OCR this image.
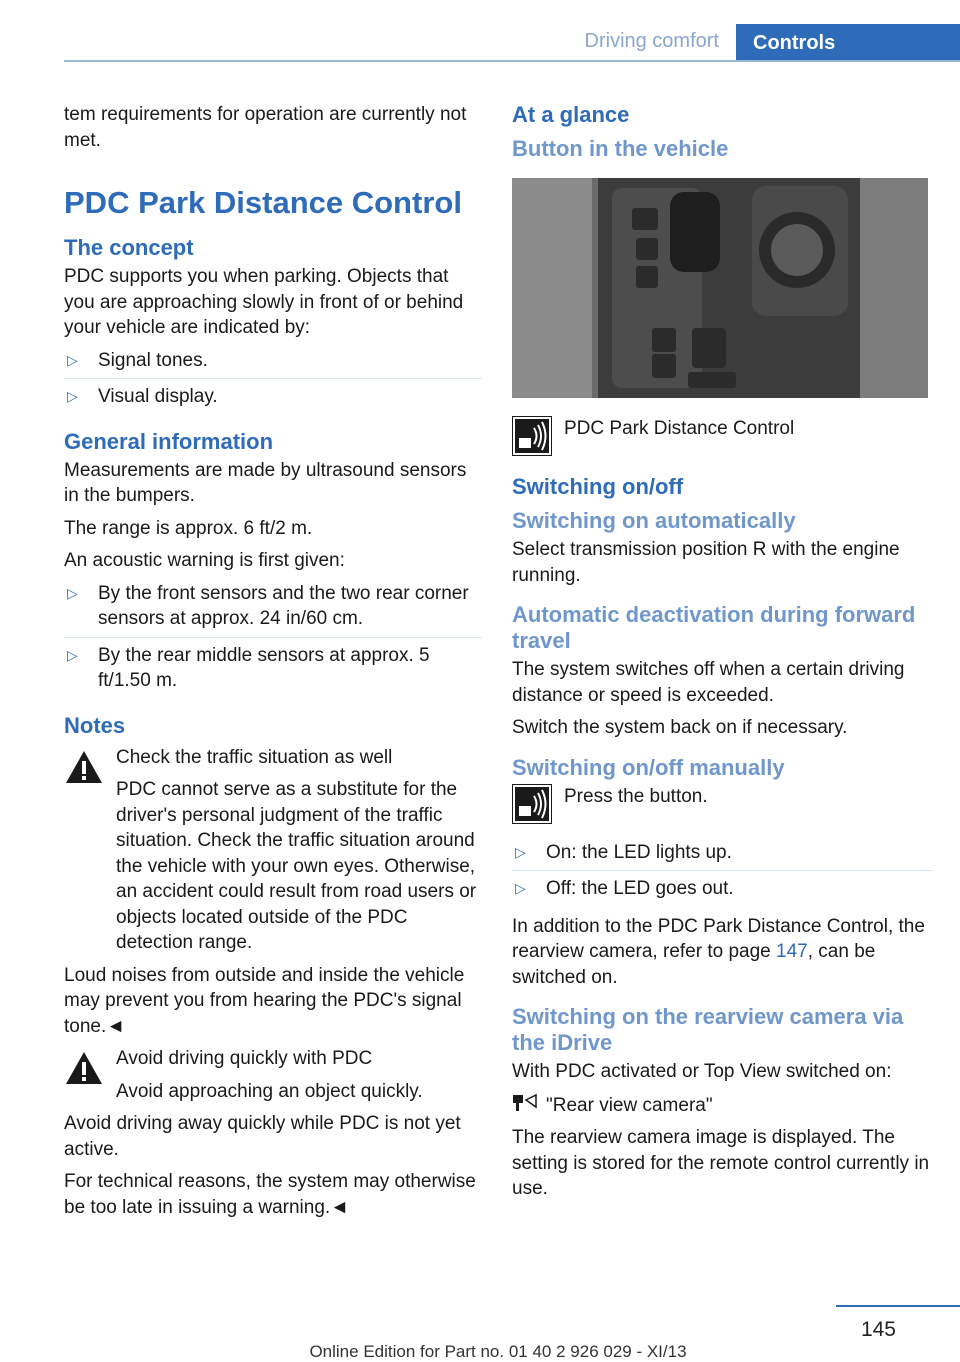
Driving comfort	Controls

tem requirements for operation are currently not met.

PDC Park Distance Control
The concept

PDC supports you when parking. Objects that you are approaching slowly in front of or behind your vehicle are indicated by:

▷ Signal tones.
▷ Visual display.
General information

Measurements are made by ultrasound sensors in the bumpers.

The range is approx. 6 ft/2 m.

An acoustic warning is first given:

▷ By the front sensors and the two rear corner sensors at approx. 24 in/60 cm.
▷ By the rear middle sensors at approx. 5 ft/1.50 m.
Notes

Check the traffic situation as well

PDC cannot serve as a substitute for the driver's personal judgment of the traffic situation. Check the traffic situation around the vehicle with your own eyes. Otherwise, an accident could result from road users or objects located outside of the PDC detection range.

Loud noises from outside and inside the vehicle may prevent you from hearing the PDC's signal tone.◄

Avoid driving quickly with PDC

Avoid approaching an object quickly.

Avoid driving away quickly while PDC is not yet active.

For technical reasons, the system may otherwise be too late in issuing a warning.◄

At a glance
Button in the vehicle
PDC Park Distance Control
Switching on/off
Switching on automatically

Select transmission position R with the engine running.

Automatic deactivation during forward travel

The system switches off when a certain driving distance or speed is exceeded.

Switch the system back on if necessary.

Switching on/off manually
Press the button.
▷ On: the LED lights up.
▷ Off: the LED goes out.

In addition to the PDC Park Distance Control, the rearview camera, refer to page 147, can be switched on.

Switching on the rearview camera via the iDrive

With PDC activated or Top View switched on:

"Rear view camera"

The rearview camera image is displayed. The setting is stored for the remote control currently in use.

145
Online Edition for Part no. 01 40 2 926 029 - XI/13
